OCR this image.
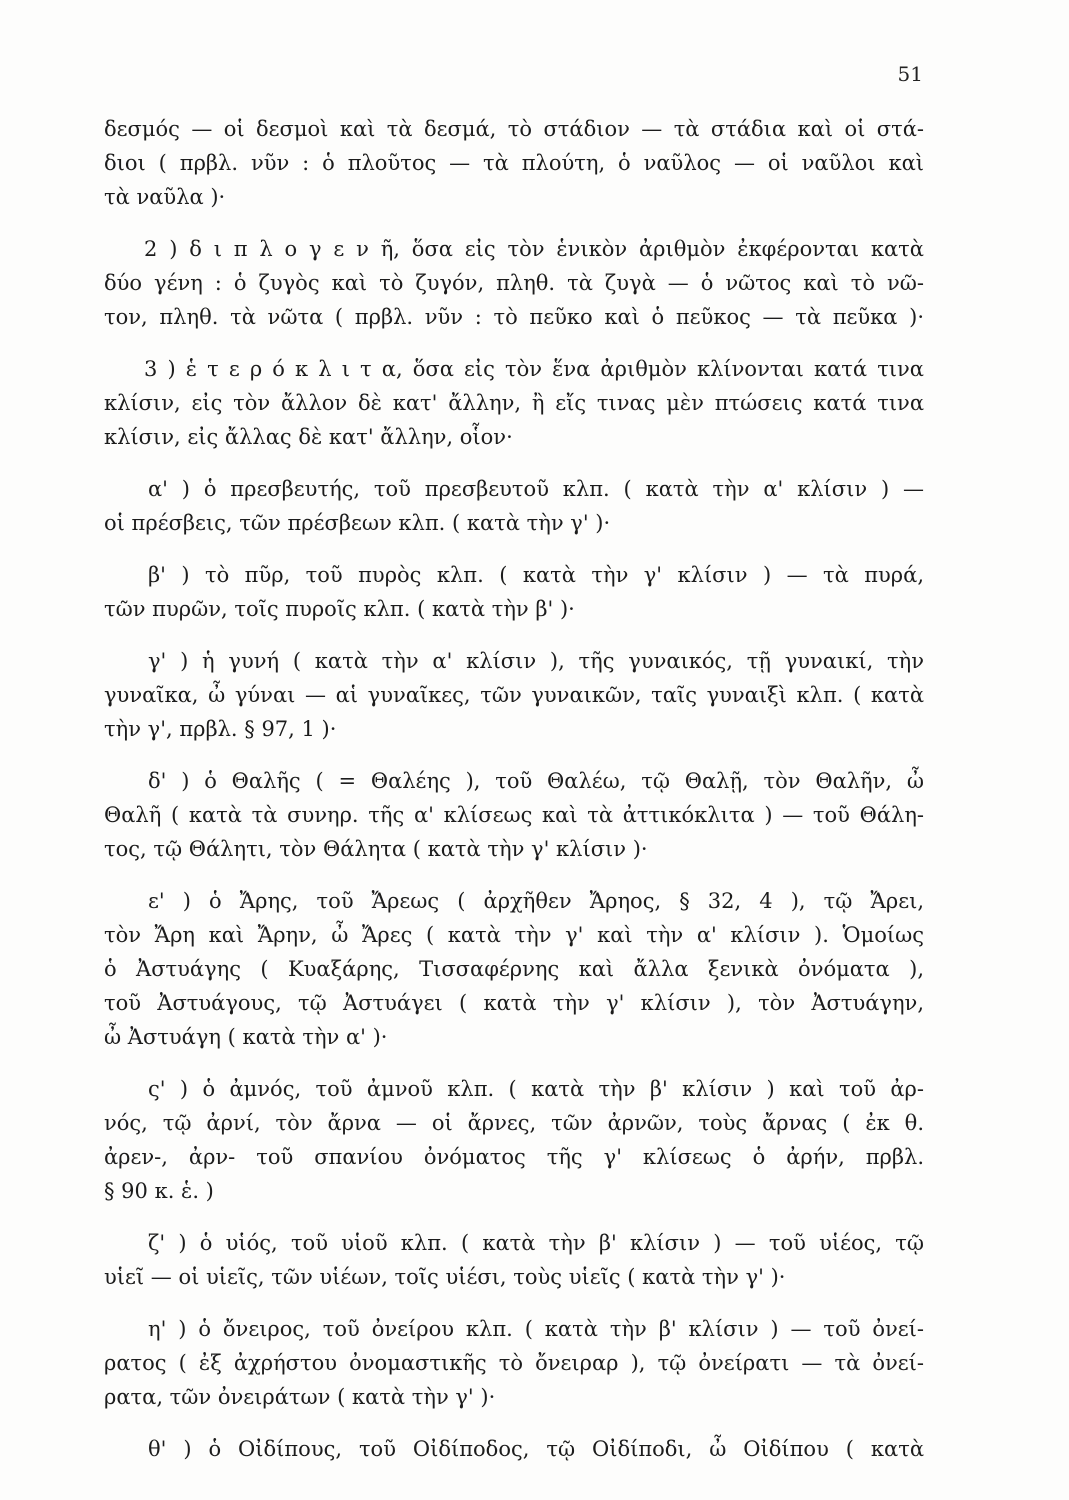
51
δεσμός — οἱ δεσμοὶ καὶ τὰ δεσμά, τὸ στάδιον — τὰ στάδια καὶ οἱ στά-
διοι ( πρβλ. νῦν : ὁ πλοῦτος — τὰ πλούτη, ὁ ναῦλος — οἱ ναῦλοι καὶ
τὰ ναῦλα )·
2 ) δ ι π λ ο γ ε ν ῆ, ὅσα εἰς τὸν ἑνικὸν ἀριθμὸν ἐκφέρονται κατὰ
δύο γένη : ὁ ζυγὸς καὶ τὸ ζυγόν, πληθ. τὰ ζυγὰ — ὁ νῶτος καὶ τὸ νῶ-
τον, πληθ. τὰ νῶτα ( πρβλ. νῦν : τὸ πεῦκο καὶ ὁ πεῦκος — τὰ πεῦκα )·
3 ) ἑ τ ε ρ ό κ λ ι τ α, ὅσα εἰς τὸν ἕνα ἀριθμὸν κλίνονται κατά τινα
κλίσιν, εἰς τὸν ἄλλον δὲ κατ' ἄλλην, ἢ εἴς τινας μὲν πτώσεις κατά τινα
κλίσιν, εἰς ἄλλας δὲ κατ' ἄλλην, οἷον·
α' ) ὁ πρεσβευτής, τοῦ πρεσβευτοῦ κλπ. ( κατὰ τὴν α' κλίσιν ) —
οἱ πρέσβεις, τῶν πρέσβεων κλπ. ( κατὰ τὴν γ' )·
β' ) τὸ πῦρ, τοῦ πυρὸς κλπ. ( κατὰ τὴν γ' κλίσιν ) — τὰ πυρά,
τῶν πυρῶν, τοῖς πυροῖς κλπ. ( κατὰ τὴν β' )·
γ' ) ἡ γυνή ( κατὰ τὴν α' κλίσιν ), τῆς γυναικός, τῇ γυναικί, τὴν
γυναῖκα, ὦ γύναι — αἱ γυναῖκες, τῶν γυναικῶν, ταῖς γυναιξὶ κλπ. ( κατὰ
τὴν γ', πρβλ. § 97, 1 )·
δ' ) ὁ Θαλῆς ( = Θαλέης ), τοῦ Θαλέω, τῷ Θαλῇ, τὸν Θαλῆν, ὦ
Θαλῆ ( κατὰ τὰ συνηρ. τῆς α' κλίσεως καὶ τὰ ἀττικόκλιτα ) — τοῦ Θάλη-
τος, τῷ Θάλητι, τὸν Θάλητα ( κατὰ τὴν γ' κλίσιν )·
ε' ) ὁ Ἄρης, τοῦ Ἄρεως ( ἀρχῆθεν Ἄρηος, § 32, 4 ), τῷ Ἄρει,
τὸν Ἄρη καὶ Ἄρην, ὦ Ἄρες ( κατὰ τὴν γ' καὶ τὴν α' κλίσιν ). Ὁμοίως
ὁ Ἀστυάγης ( Κυαξάρης, Τισσαφέρνης καὶ ἄλλα ξενικὰ ὀνόματα ),
τοῦ Ἀστυάγους, τῷ Ἀστυάγει ( κατὰ τὴν γ' κλίσιν ), τὸν Ἀστυάγην,
ὦ Ἀστυάγη ( κατὰ τὴν α' )·
ς' ) ὁ ἀμνός, τοῦ ἀμνοῦ κλπ. ( κατὰ τὴν β' κλίσιν ) καὶ τοῦ ἀρ-
νός, τῷ ἀρνί, τὸν ἄρνα — οἱ ἄρνες, τῶν ἀρνῶν, τοὺς ἄρνας ( ἐκ θ.
ἀρεν-, ἀρν- τοῦ σπανίου ὀνόματος τῆς γ' κλίσεως ὁ ἀρήν, πρβλ.
§ 90 κ. ἑ. )
ζ' ) ὁ υἱός, τοῦ υἱοῦ κλπ. ( κατὰ τὴν β' κλίσιν ) — τοῦ υἱέος, τῷ
υἱεῖ — οἱ υἱεῖς, τῶν υἱέων, τοῖς υἱέσι, τοὺς υἱεῖς ( κατὰ τὴν γ' )·
η' ) ὁ ὄνειρος, τοῦ ὀνείρου κλπ. ( κατὰ τὴν β' κλίσιν ) — τοῦ ὀνεί-
ρατος ( ἐξ ἀχρήστου ὀνομαστικῆς τὸ ὄνειραρ ), τῷ ὀνείρατι — τὰ ὀνεί-
ρατα, τῶν ὀνειράτων ( κατὰ τὴν γ' )·
θ' ) ὁ Οἰδίπους, τοῦ Οἰδίποδος, τῷ Οἰδίποδι, ὦ Οἰδίπου ( κατὰ
